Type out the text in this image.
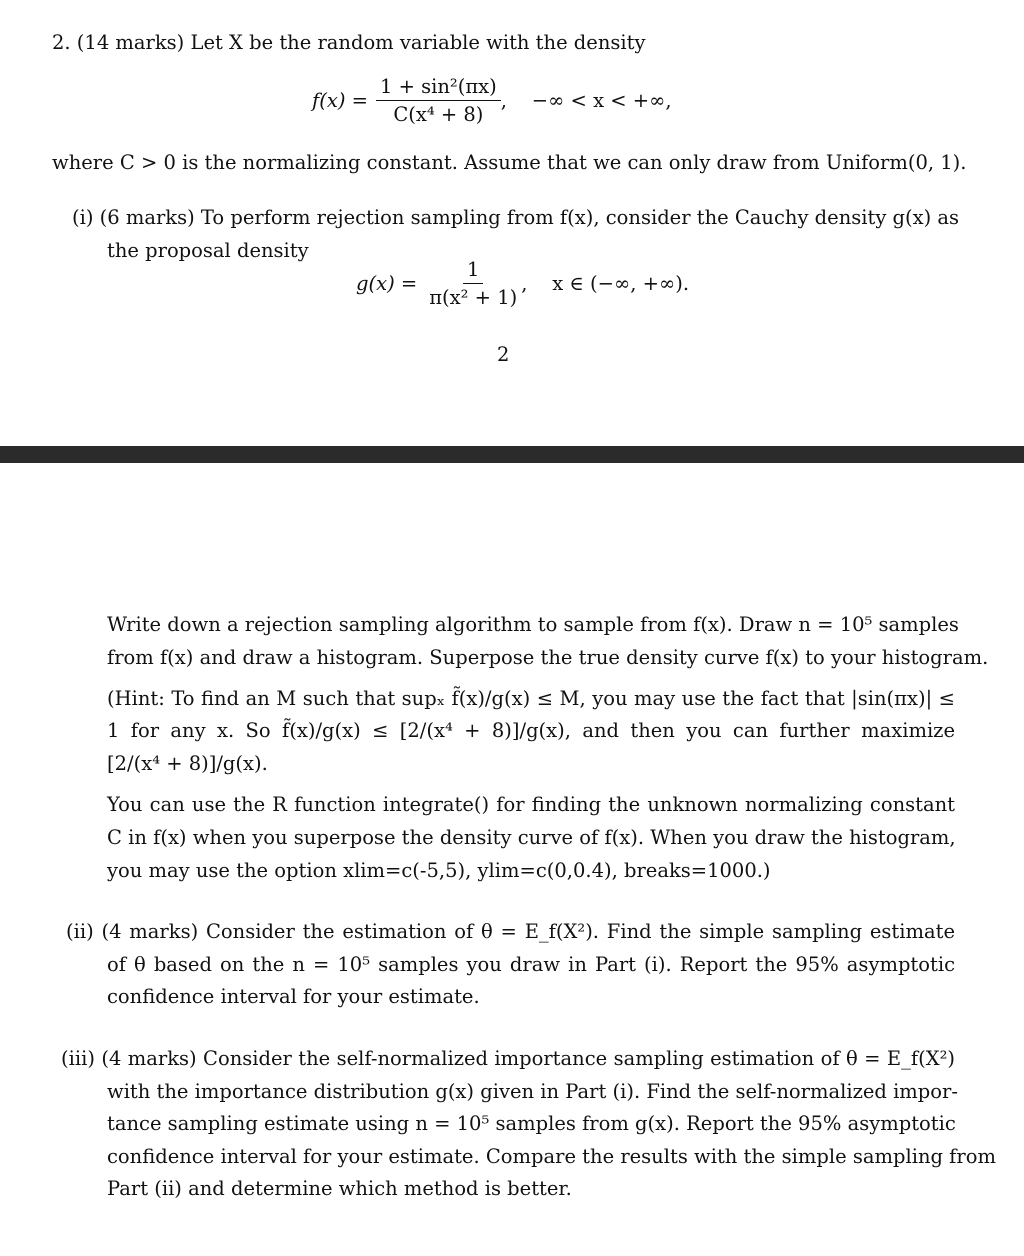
2. (14 marks) Let X be the random variable with the density
$f(x) = \frac{\text{1 + sin²(πx)}}{\text{C(x⁴ + 8)}}$ ,    −∞ < x < +∞,
where C > 0 is the normalizing constant. Assume that we can only draw from Uniform(0, 1).
(i) (6 marks) To perform rejection sampling from f(x), consider the Cauchy density g(x) as
the proposal density
$g(x) = \frac{1}{\text{π(x² + 1)}}$ ,    x ∈ (−∞, +∞).
2
Write down a rejection sampling algorithm to sample from f(x). Draw n = 10⁵ samples
from f(x) and draw a histogram. Superpose the true density curve f(x) to your histogram.
(Hint: To find an M such that supₓ f̃(x)/g(x) ≤ M, you may use the fact that |sin(πx)| ≤
1 for any x. So f̃(x)/g(x) ≤ [2/(x⁴ + 8)]/g(x), and then you can further maximize
[2/(x⁴ + 8)]/g(x).
You can use the R function integrate() for finding the unknown normalizing constant
C in f(x) when you superpose the density curve of f(x). When you draw the histogram,
you may use the option xlim=c(-5,5), ylim=c(0,0.4), breaks=1000.)
(ii) (4 marks) Consider the estimation of θ = E_f(X²). Find the simple sampling estimate
of θ based on the n = 10⁵ samples you draw in Part (i). Report the 95% asymptotic
confidence interval for your estimate.
(iii) (4 marks) Consider the self-normalized importance sampling estimation of θ = E_f(X²)
with the importance distribution g(x) given in Part (i). Find the self-normalized impor-
tance sampling estimate using n = 10⁵ samples from g(x). Report the 95% asymptotic
confidence interval for your estimate. Compare the results with the simple sampling from
Part (ii) and determine which method is better.
